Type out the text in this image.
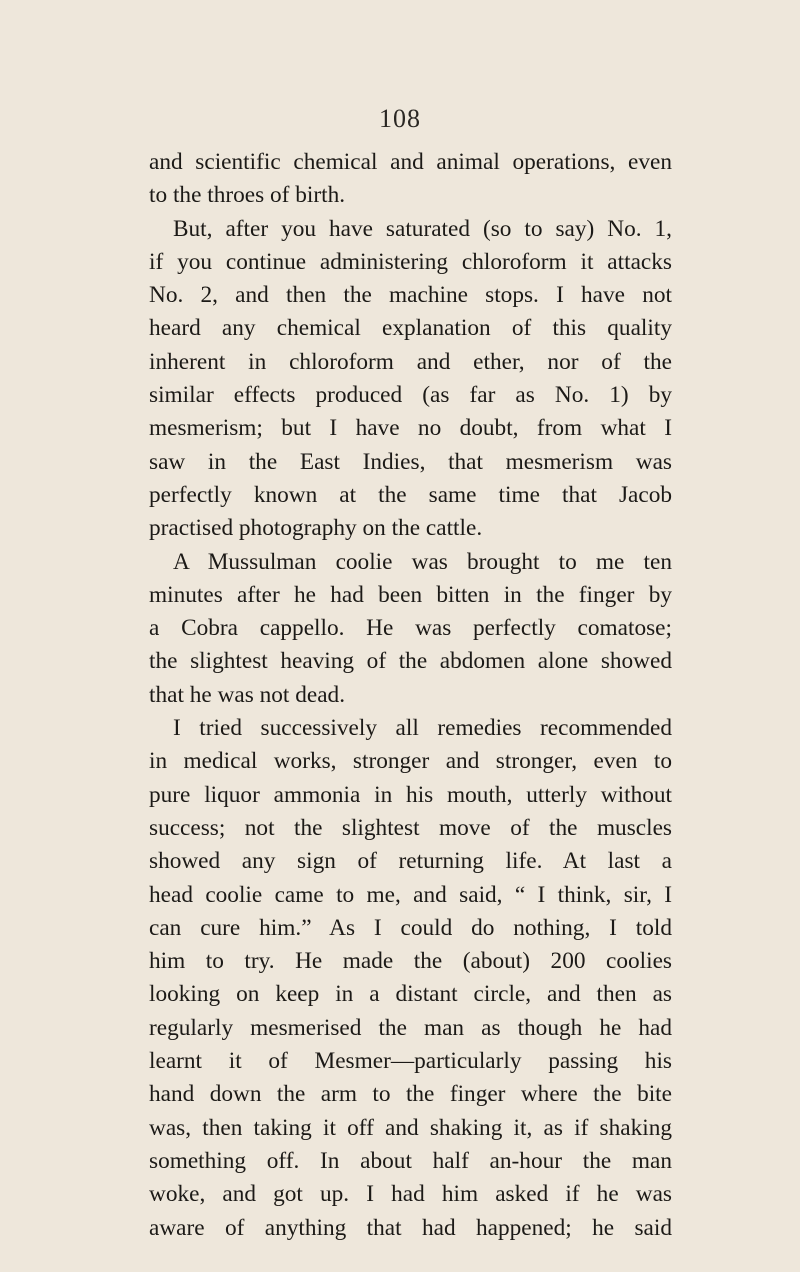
108
and scientific chemical and animal operations, even
to the throes of birth.
But, after you have saturated (so to say) No. 1,
if you continue administering chloroform it attacks
No. 2, and then the machine stops. I have not
heard any chemical explanation of this quality
inherent in chloroform and ether, nor of the
similar effects produced (as far as No. 1) by
mesmerism; but I have no doubt, from what I
saw in the East Indies, that mesmerism was
perfectly known at the same time that Jacob
practised photography on the cattle.
A Mussulman coolie was brought to me ten
minutes after he had been bitten in the finger by
a Cobra cappello. He was perfectly comatose;
the slightest heaving of the abdomen alone showed
that he was not dead.
I tried successively all remedies recommended
in medical works, stronger and stronger, even to
pure liquor ammonia in his mouth, utterly without
success; not the slightest move of the muscles
showed any sign of returning life. At last a
head coolie came to me, and said, “ I think, sir, I
can cure him.” As I could do nothing, I told
him to try. He made the (about) 200 coolies
looking on keep in a distant circle, and then as
regularly mesmerised the man as though he had
learnt it of Mesmer—particularly passing his
hand down the arm to the finger where the bite
was, then taking it off and shaking it, as if shaking
something off. In about half an-hour the man
woke, and got up. I had him asked if he was
aware of anything that had happened; he said
